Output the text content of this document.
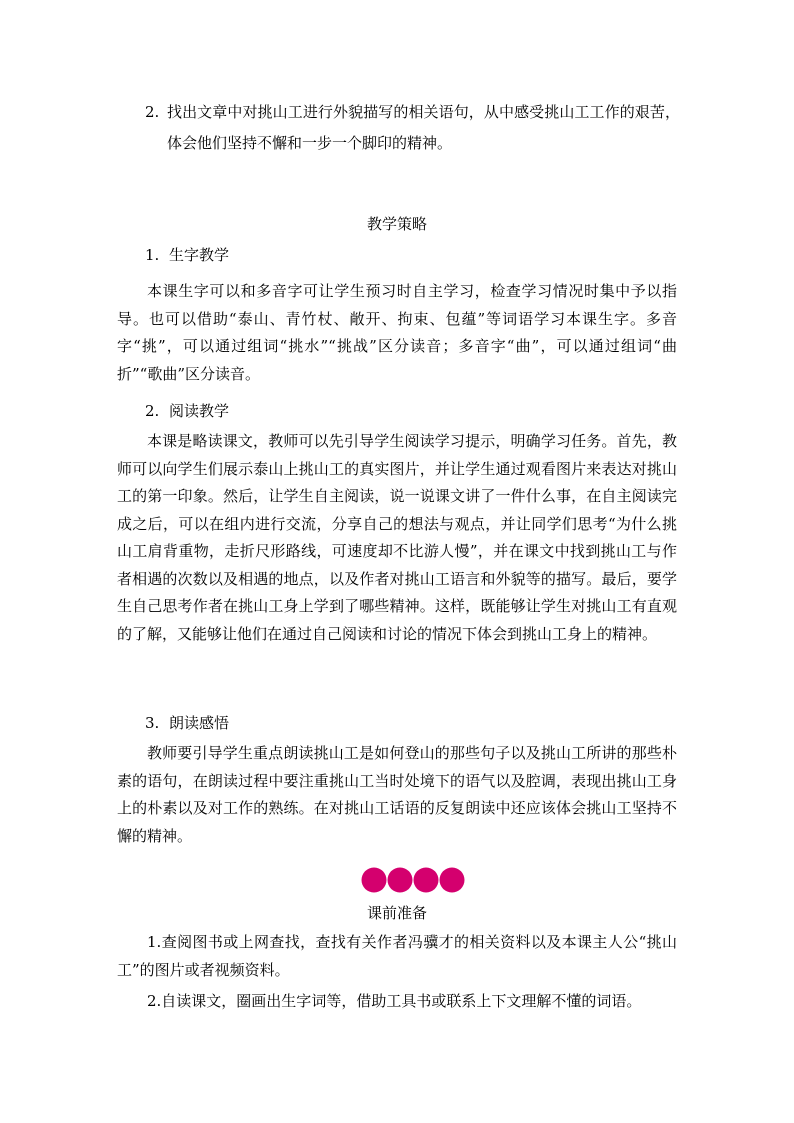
2. 找出文章中对挑山工进行外貌描写的相关语句，从中感受挑山工工作的艰苦，体会他们坚持不懈和一步一个脚印的精神。
教学策略
1. 生字教学

本课生字可以和多音字可让学生预习时自主学习，检查学习情况时集中予以指导。也可以借助“泰山、青竹杖、敞开、拘束、包蕴”等词语学习本课生字。多音字“挑”，可以通过组词“挑水”“挑战”区分读音；多音字“曲”，可以通过组词“曲折”“歌曲”区分读音。

2. 阅读教学

本课是略读课文，教师可以先引导学生阅读学习提示，明确学习任务。首先，教师可以向学生们展示泰山上挑山工的真实图片，并让学生通过观看图片来表达对挑山工的第一印象。然后，让学生自主阅读，说一说课文讲了一件什么事，在自主阅读完成之后，可以在组内进行交流，分享自己的想法与观点，并让同学们思考“为什么挑山工肩背重物，走折尺形路线，可速度却不比游人慢”，并在课文中找到挑山工与作者相遇的次数以及相遇的地点，以及作者对挑山工语言和外貌等的描写。最后，要学生自己思考作者在挑山工身上学到了哪些精神。这样，既能够让学生对挑山工有直观的了解，又能够让他们在通过自己阅读和讨论的情况下体会到挑山工身上的精神。

3. 朗读感悟

教师要引导学生重点朗读挑山工是如何登山的那些句子以及挑山工所讲的那些朴素的语句，在朗读过程中要注重挑山工当时处境下的语气以及腔调，表现出挑山工身上的朴素以及对工作的熟练。在对挑山工话语的反复朗读中还应该体会挑山工坚持不懈的精神。

课前准备

1.查阅图书或上网查找，查找有关作者冯骥才的相关资料以及本课主人公“挑山工”的图片或者视频资料。

2.自读课文，圈画出生字词等，借助工具书或联系上下文理解不懂的词语。
